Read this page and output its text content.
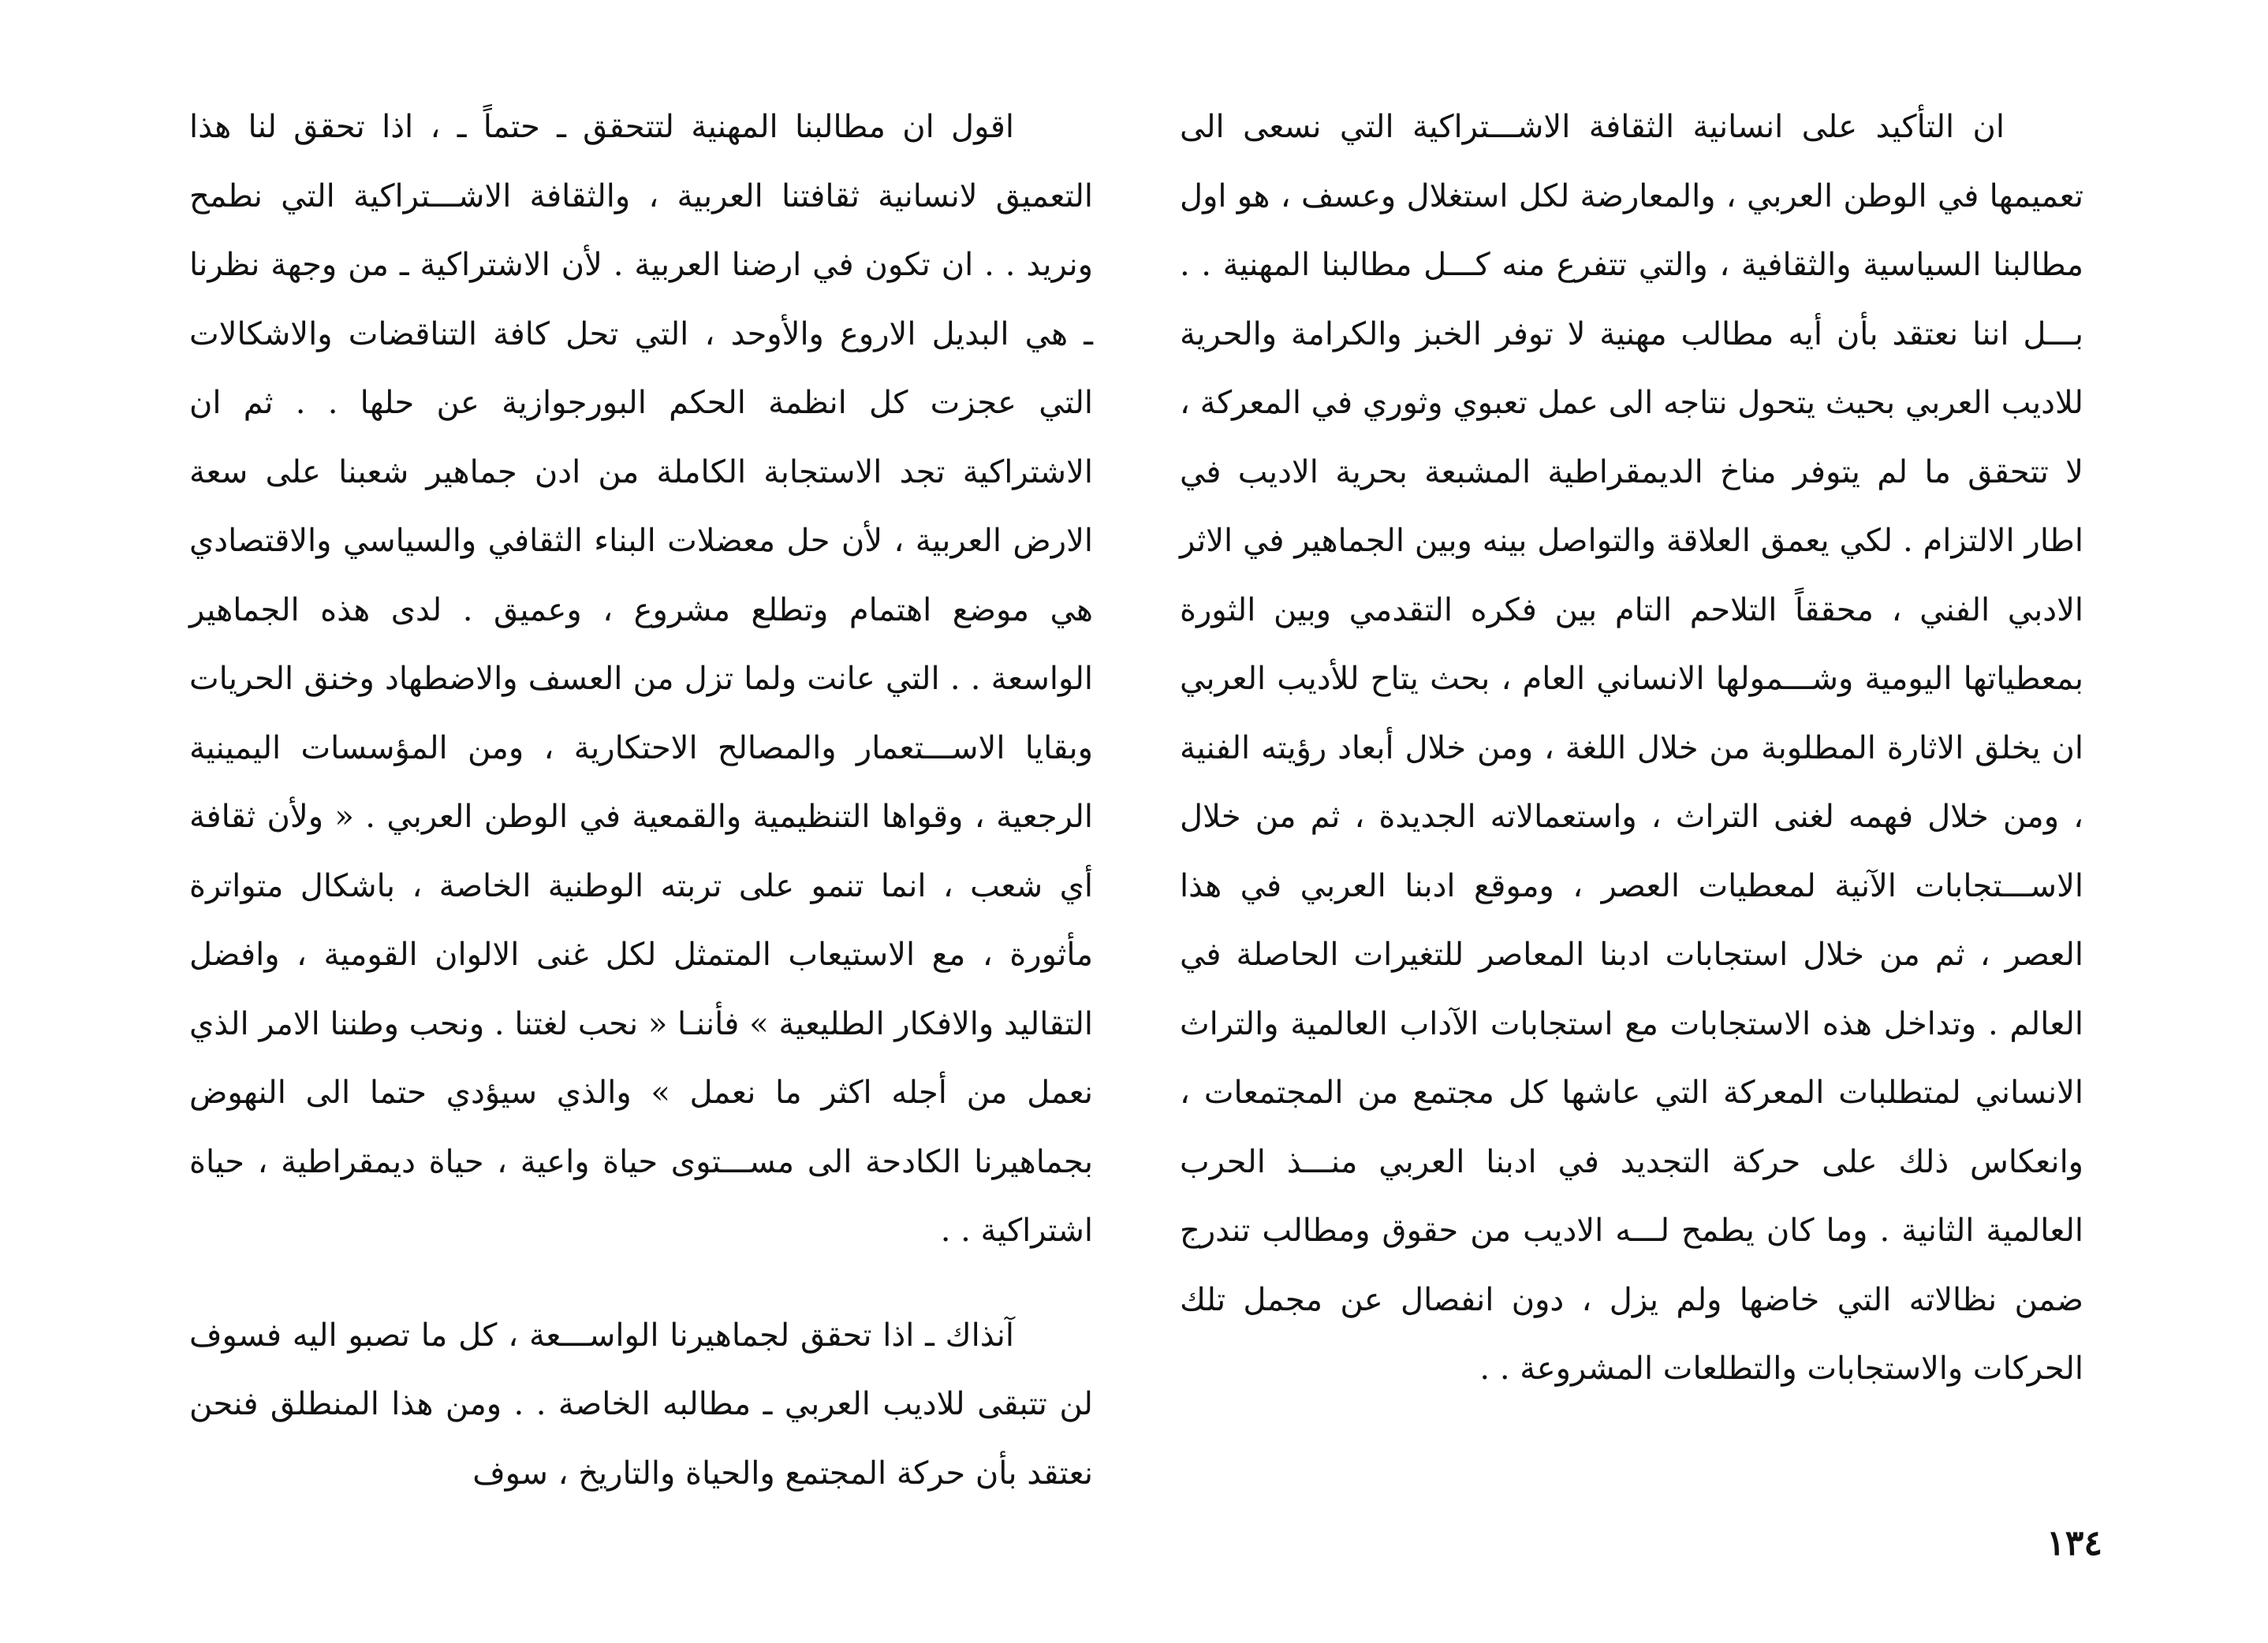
ان التأكيد على انسانية الثقافة الاشـــتراكية التي نسعى الى تعميمها في الوطن العربي ، والمعارضة لكل استغلال وعسف ، هو اول مطالبنا السياسية والثقافية ، والتي تتفرع منه كـــل مطالبنا المهنية . . بـــل اننا نعتقد بأن أيه مطالب مهنية لا توفر الخبز والكرامة والحرية للاديب العربي بحيث يتحول نتاجه الى عمل تعبوي وثوري في المعركة ، لا تتحقق ما لم يتوفر مناخ الديمقراطية المشبعة بحرية الاديب في اطار الالتزام . لكي يعمق العلاقة والتواصل بينه وبين الجماهير في الاثر الادبي الفني ، محققاً التلاحم التام بين فكره التقدمي وبين الثورة بمعطياتها اليومية وشـــمولها الانساني العام ، بحث يتاح للأديب العربي ان يخلق الاثارة المطلوبة من خلال اللغة ، ومن خلال أبعاد رؤيته الفنية ، ومن خلال فهمه لغنى التراث ، واستعمالاته الجديدة ، ثم من خلال الاســـتجابات الآنية لمعطيات العصر ، وموقع ادبنا العربي في هذا العصر ، ثم من خلال استجابات ادبنا المعاصر للتغيرات الحاصلة في العالم . وتداخل هذه الاستجابات مع استجابات الآداب العالمية والتراث الانساني لمتطلبات المعركة التي عاشها كل مجتمع من المجتمعات ، وانعكاس ذلك على حركة التجديد في ادبنا العربي منـــذ الحرب العالمية الثانية . وما كان يطمح لـــه الاديب من حقوق ومطالب تندرج ضمن نظالاته التي خاضها ولم يزل ، دون انفصال عن مجمل تلك الحركات والاستجابات والتطلعات المشروعة . .

اقول ان مطالبنا المهنية لتتحقق ـ حتماً ـ ، اذا تحقق لنا هذا التعميق لانسانية ثقافتنا العربية ، والثقافة الاشـــتراكية التي نطمح ونريد . . ان تكون في ارضنا العربية . لأن الاشتراكية ـ من وجهة نظرنا ـ هي البديل الاروع والأوحد ، التي تحل كافة التناقضات والاشكالات التي عجزت كل انظمة الحكم البورجوازية عن حلها . . ثم ان الاشتراكية تجد الاستجابة الكاملة من ادن جماهير شعبنا على سعة الارض العربية ، لأن حل معضلات البناء الثقافي والسياسي والاقتصادي هي موضع اهتمام وتطلع مشروع ، وعميق . لدى هذه الجماهير الواسعة . . التي عانت ولما تزل من العسف والاضطهاد وخنق الحريات وبقايا الاســـتعمار والمصالح الاحتكارية ، ومن المؤسسات اليمينية الرجعية ، وقواها التنظيمية والقمعية في الوطن العربي . « ولأن ثقافة أي شعب ، انما تنمو على تربته الوطنية الخاصة ، باشكال متواترة مأثورة ، مع الاستيعاب المتمثل لكل غنى الالوان القومية ، وافضل التقاليد والافكار الطليعية » فأننـا « نحب لغتنا . ونحب وطننا الامر الذي نعمل من أجله اكثر ما نعمل » والذي سيؤدي حتما الى النهوض بجماهيرنا الكادحة الى مســـتوى حياة واعية ، حياة ديمقراطية ، حياة اشتراكية . .

آنذاك ـ اذا تحقق لجماهيرنا الواســـعة ، كل ما تصبو اليه فسوف لن تتبقى للاديب العربي ـ مطالبه الخاصة . . ومن هذا المنطلق فنحن نعتقد بأن حركة المجتمع والحياة والتاريخ ، سوف

١٣٤
